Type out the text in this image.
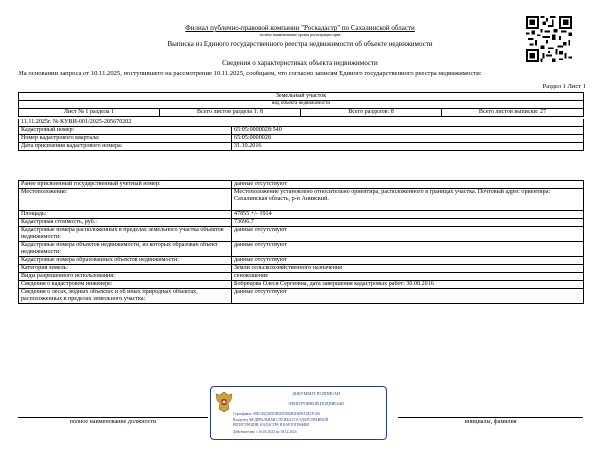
Филиал публично-правовой компании "Роскадастр" по Сахалинской области
полное наименование органа регистрации прав
Выписка из Единого государственного реестра недвижимости об объекте недвижимости
Сведения о характеристиках объекта недвижимости
На основании запроса от 10.11.2025, поступившего на рассмотрение 10.11.2025, сообщаем, что согласно записям Единого государственного реестра недвижимости:
Раздел 1 Лист 1
Земельный участок
вид объекта недвижимости
Лист № 1 раздела 1	Всего листов раздела 1: 8	Всего разделов: 8	Всего листов выписки: 27
11.11.2025г. № КУВИ-001/2025-205670202	
Кадастровый номер:	65:05:0000028:540
Номер кадастрового квартала:	65:05:0000028
Дата присвоения кадастрового номера:	31.10.2016
Ранее присвоенный государственный учетный номер:	данные отсутствуют
Местоположение:	Местоположение установлено относительно ориентира, расположенного в границах участка. Почтовый адрес ориентира: Сахалинская область, р-н Анивский.
Площадь:	47855 +/- 1914
Кадастровая стоимость, руб.:	73696.7
Кадастровые номера расположенных в пределах земельного участка объектов недвижимости:	данные отсутствуют
Кадастровые номера объектов недвижимости, из которых образован объект недвижимости:	данные отсутствуют
Кадастровые номера образованных объектов недвижимости:	данные отсутствуют
Категория земель:	Земли сельскохозяйственного назначения
Виды разрешенного использования:	сенокошение
Сведения о кадастровом инженере:	Бобрецова Олеся Сергеевна, дата завершения кадастровых работ: 30.08.2016
Сведения о лесах, водных объектах и об иных природных объектах, расположенных в пределах земельного участка:	данные отсутствуют
полное наименование должности		инициалы, фамилия
ДОКУМЕНТ ПОДПИСАН
ЭЛЕКТРОННОЙ ПОДПИСЬЮ
Сертификат: 00Е1А6ДАЕ03В5ЕЕ5В6D2D4F8A3E1FCE6
Владелец: ФЕДЕРАЛЬНАЯ СЛУЖБА ГОСУДАРСТВЕННОЙ
РЕГИСТРАЦИИ, КАДАСТРА И КАРТОГРАФИИ
Действителен: с 16.05.2024 по 18.12.2024
